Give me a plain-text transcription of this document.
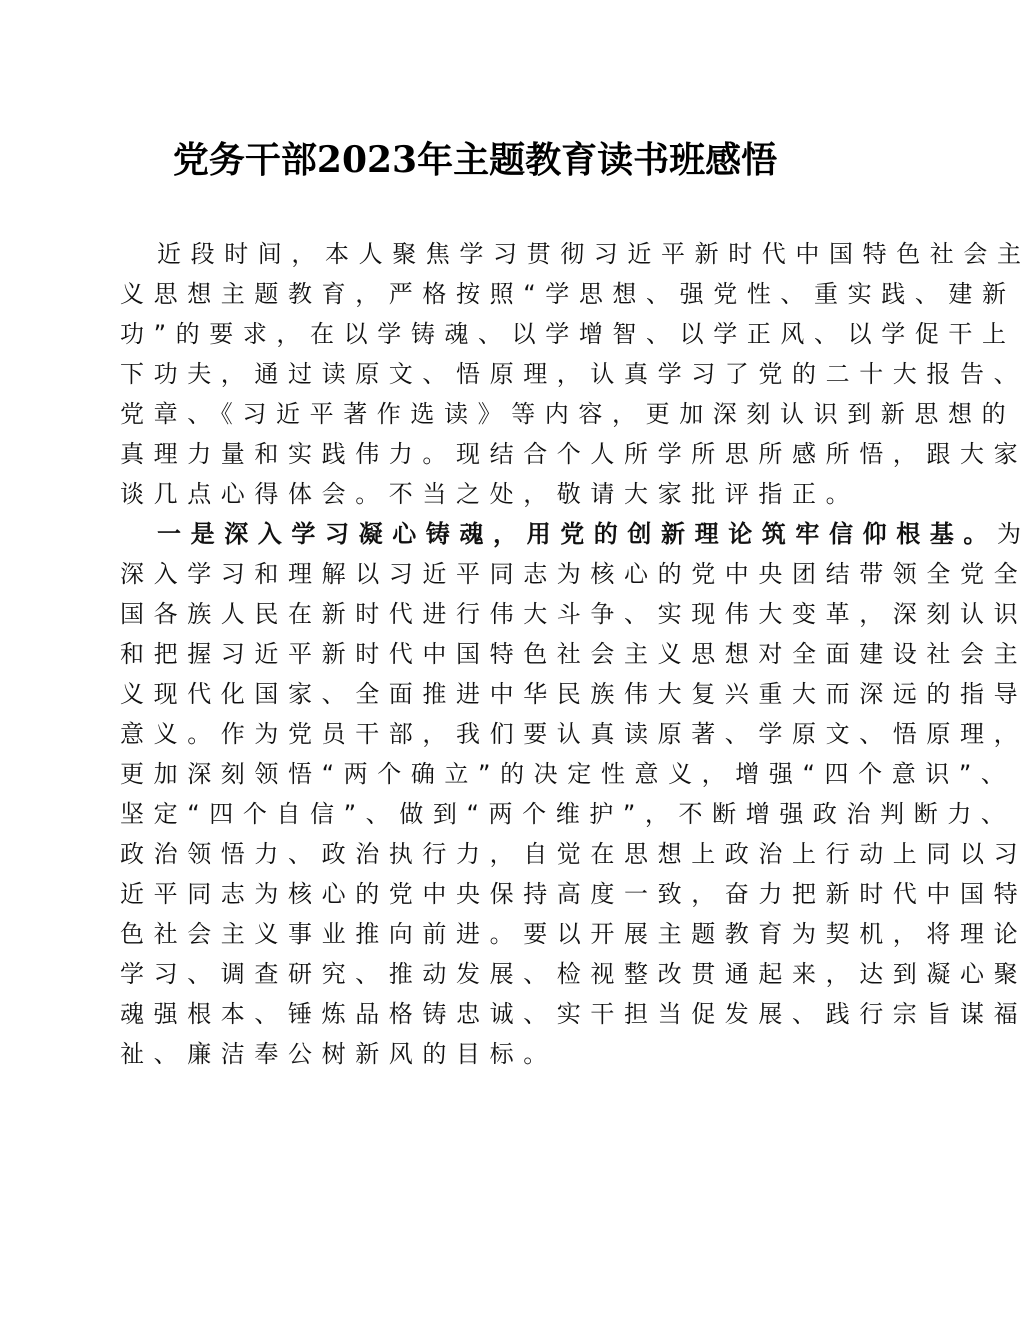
党务干部2023年主题教育读书班感悟
近段时间，本人聚焦学习贯彻习近平新时代中国特色社会主
义思想主题教育，严格按照“学思想、强党性、重实践、建新
功”的要求，在以学铸魂、以学增智、以学正风、以学促干上
下功夫，通过读原文、悟原理，认真学习了党的二十大报告、
党章、《习近平著作选读》等内容，更加深刻认识到新思想的
真理力量和实践伟力。现结合个人所学所思所感所悟，跟大家
谈几点心得体会。不当之处，敬请大家批评指正。
一是深入学习凝心铸魂，用党的创新理论筑牢信仰根基。为
深入学习和理解以习近平同志为核心的党中央团结带领全党全
国各族人民在新时代进行伟大斗争、实现伟大变革，深刻认识
和把握习近平新时代中国特色社会主义思想对全面建设社会主
义现代化国家、全面推进中华民族伟大复兴重大而深远的指导
意义。作为党员干部，我们要认真读原著、学原文、悟原理，
更加深刻领悟“两个确立”的决定性意义，增强“四个意识”、
坚定“四个自信”、做到“两个维护”，不断增强政治判断力、
政治领悟力、政治执行力，自觉在思想上政治上行动上同以习
近平同志为核心的党中央保持高度一致，奋力把新时代中国特
色社会主义事业推向前进。要以开展主题教育为契机，将理论
学习、调查研究、推动发展、检视整改贯通起来，达到凝心聚
魂强根本、锤炼品格铸忠诚、实干担当促发展、践行宗旨谋福
祉、廉洁奉公树新风的目标。
